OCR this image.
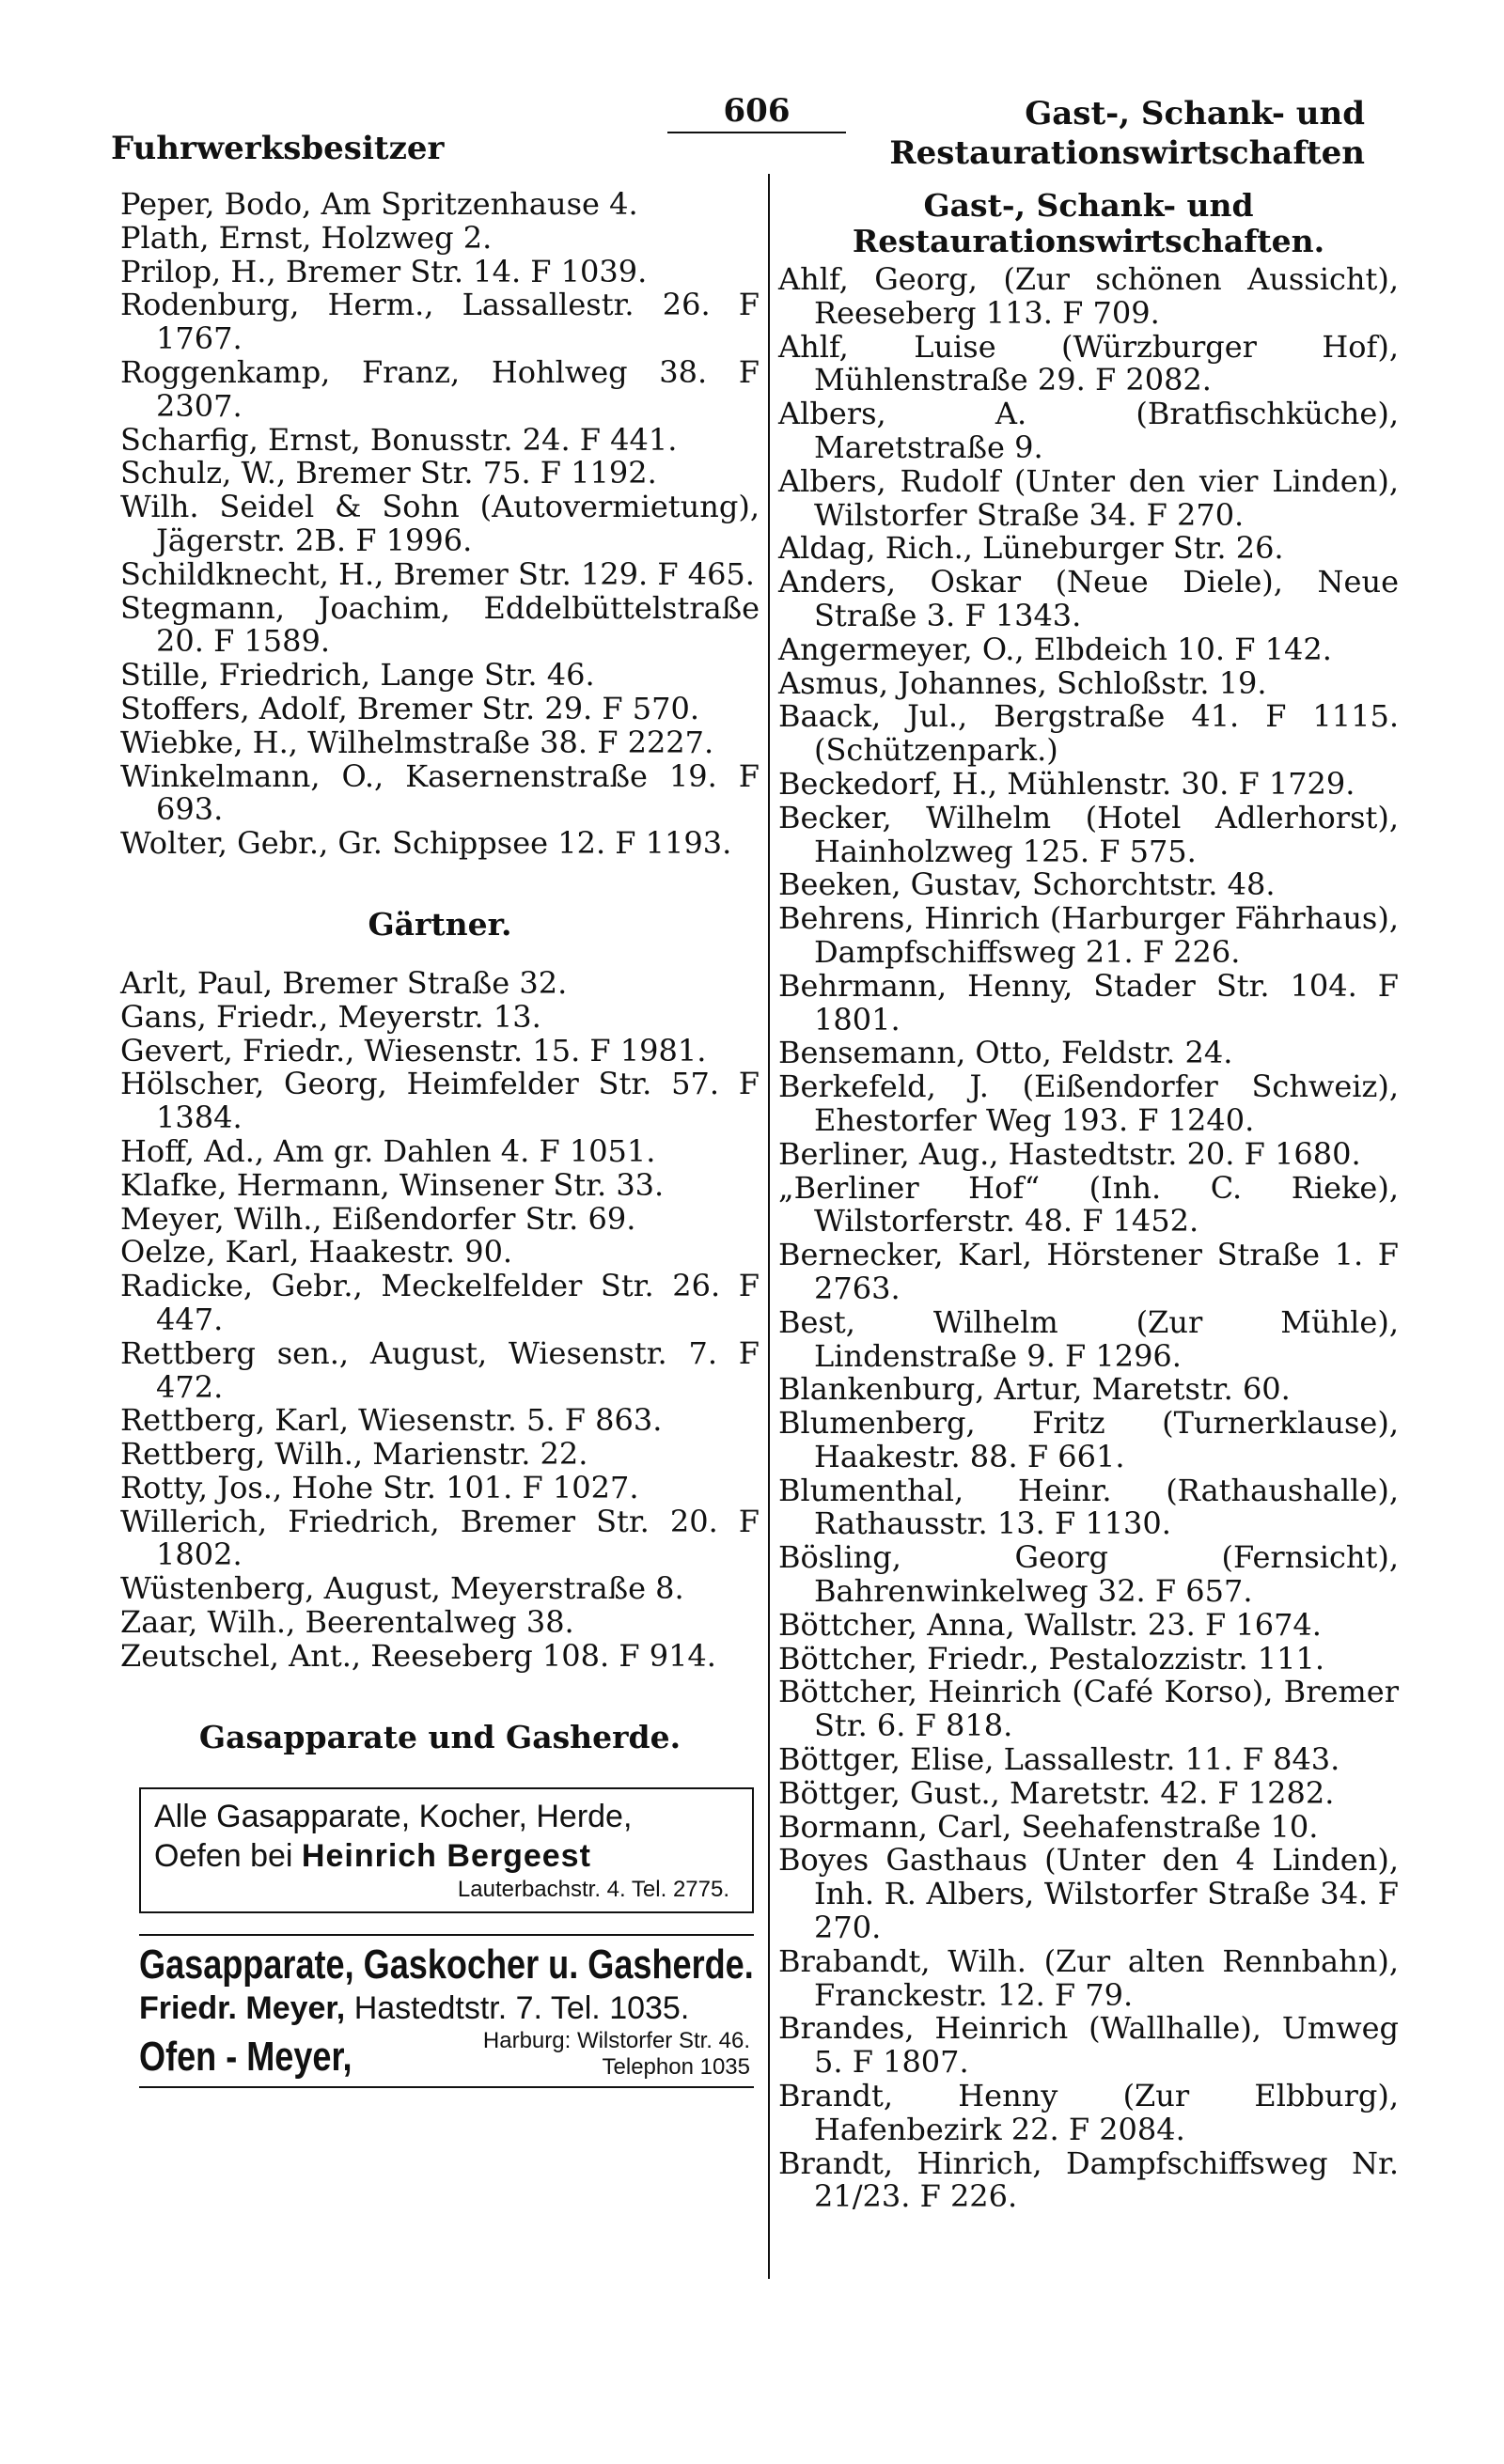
Fuhrwerksbesitzer
606	Gast-, Schank- und
Restaurationswirtschaften

Peper, Bodo, Am Spritzenhause 4.

Plath, Ernst, Holzweg 2.

Prilop, H., Bremer Str. 14. F 1039.

Rodenburg, Herm., Lassallestr. 26. F 1767.

Roggenkamp, Franz, Hohlweg 38. F 2307.

Scharfig, Ernst, Bonusstr. 24. F 441.

Schulz, W., Bremer Str. 75. F 1192.

Wilh. Seidel & Sohn (Autovermietung), Jägerstr. 2B. F 1996.

Schildknecht, H., Bremer Str. 129. F 465.

Stegmann, Joachim, Eddelbüttelstraße 20. F 1589.

Stille, Friedrich, Lange Str. 46.

Stoffers, Adolf, Bremer Str. 29. F 570.

Wiebke, H., Wilhelmstraße 38. F 2227.

Winkelmann, O., Kasernenstraße 19. F 693.

Wolter, Gebr., Gr. Schippsee 12. F 1193.

Gärtner.

Arlt, Paul, Bremer Straße 32.

Gans, Friedr., Meyerstr. 13.

Gevert, Friedr., Wiesenstr. 15. F 1981.

Hölscher, Georg, Heimfelder Str. 57. F 1384.

Hoff, Ad., Am gr. Dahlen 4. F 1051.

Klafke, Hermann, Winsener Str. 33.

Meyer, Wilh., Eißendorfer Str. 69.

Oelze, Karl, Haakestr. 90.

Radicke, Gebr., Meckelfelder Str. 26. F 447.

Rettberg sen., August, Wiesenstr. 7. F 472.

Rettberg, Karl, Wiesenstr. 5. F 863.

Rettberg, Wilh., Marienstr. 22.

Rotty, Jos., Hohe Str. 101. F 1027.

Willerich, Friedrich, Bremer Str. 20. F 1802.

Wüstenberg, August, Meyerstraße 8.

Zaar, Wilh., Beerentalweg 38.

Zeutschel, Ant., Reeseberg 108. F 914.

Gasapparate und Gasherde.
Alle Gasapparate, Kocher, Herde,
Oefen bei Heinrich Bergeest
Lauterbachstr. 4. Tel. 2775.
Gasapparate, Gaskocher u. Gasherde.
Friedr. Meyer, Hastedtstr. 7. Tel. 1035.
Ofen - Meyer,	Harburg: Wilstorfer Str. 46.
Telephon 1035
Gast-, Schank- und Restaurationswirtschaften.

Ahlf, Georg, (Zur schönen Aussicht), Reeseberg 113. F 709.

Ahlf, Luise (Würzburger Hof), Mühlenstraße 29. F 2082.

Albers, A. (Bratfischküche), Maretstraße 9.

Albers, Rudolf (Unter den vier Linden), Wilstorfer Straße 34. F 270.

Aldag, Rich., Lüneburger Str. 26.

Anders, Oskar (Neue Diele), Neue Straße 3. F 1343.

Angermeyer, O., Elbdeich 10. F 142.

Asmus, Johannes, Schloßstr. 19.

Baack, Jul., Bergstraße 41. F 1115. (Schützenpark.)

Beckedorf, H., Mühlenstr. 30. F 1729.

Becker, Wilhelm (Hotel Adlerhorst), Hainholzweg 125. F 575.

Beeken, Gustav, Schorchtstr. 48.

Behrens, Hinrich (Harburger Fährhaus), Dampfschiffsweg 21. F 226.

Behrmann, Henny, Stader Str. 104. F 1801.

Bensemann, Otto, Feldstr. 24.

Berkefeld, J. (Eißendorfer Schweiz), Ehestorfer Weg 193. F 1240.

Berliner, Aug., Hastedtstr. 20. F 1680.

„Berliner Hof“ (Inh. C. Rieke), Wilstorferstr. 48. F 1452.

Bernecker, Karl, Hörstener Straße 1. F 2763.

Best, Wilhelm (Zur Mühle), Lindenstraße 9. F 1296.

Blankenburg, Artur, Maretstr. 60.

Blumenberg, Fritz (Turnerklause), Haakestr. 88. F 661.

Blumenthal, Heinr. (Rathaushalle), Rathausstr. 13. F 1130.

Bösling, Georg (Fernsicht), Bahrenwinkelweg 32. F 657.

Böttcher, Anna, Wallstr. 23. F 1674.

Böttcher, Friedr., Pestalozzistr. 111.

Böttcher, Heinrich (Café Korso), Bremer Str. 6. F 818.

Böttger, Elise, Lassallestr. 11. F 843.

Böttger, Gust., Maretstr. 42. F 1282.

Bormann, Carl, Seehafenstraße 10.

Boyes Gasthaus (Unter den 4 Linden), Inh. R. Albers, Wilstorfer Straße 34. F 270.

Brabandt, Wilh. (Zur alten Rennbahn), Franckestr. 12. F 79.

Brandes, Heinrich (Wallhalle), Umweg 5. F 1807.

Brandt, Henny (Zur Elbburg), Hafenbezirk 22. F 2084.

Brandt, Hinrich, Dampfschiffsweg Nr. 21/23. F 226.
